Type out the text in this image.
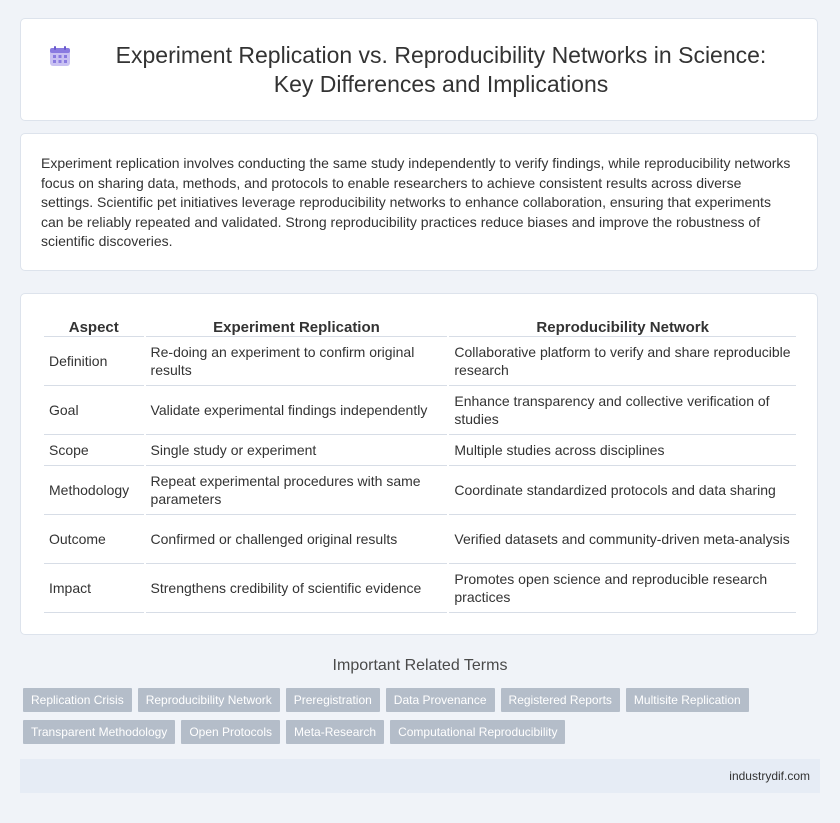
Experiment Replication vs. Reproducibility Networks in Science: Key Differences and Implications

Experiment replication involves conducting the same study independently to verify findings, while reproducibility networks focus on sharing data, methods, and protocols to enable researchers to achieve consistent results across diverse settings. Scientific pet initiatives leverage reproducibility networks to enhance collaboration, ensuring that experiments can be reliably repeated and validated. Strong reproducibility practices reduce biases and improve the robustness of scientific discoveries.

Aspect	Experiment Replication	Reproducibility Network
Definition	Re-doing an experiment to confirm original results	Collaborative platform to verify and share reproducible research
Goal	Validate experimental findings independently	Enhance transparency and collective verification of studies
Scope	Single study or experiment	Multiple studies across disciplines
Methodology	Repeat experimental procedures with same parameters	Coordinate standardized protocols and data sharing
Outcome	Confirmed or challenged original results	Verified datasets and community-driven meta-analysis
Impact	Strengthens credibility of scientific evidence	Promotes open science and reproducible research practices
Important Related Terms
Replication Crisis	Reproducibility Network	Preregistration	Data Provenance	Registered Reports	Multisite Replication
Transparent Methodology	Open Protocols	Meta-Research	Computational Reproducibility
industrydif.com
